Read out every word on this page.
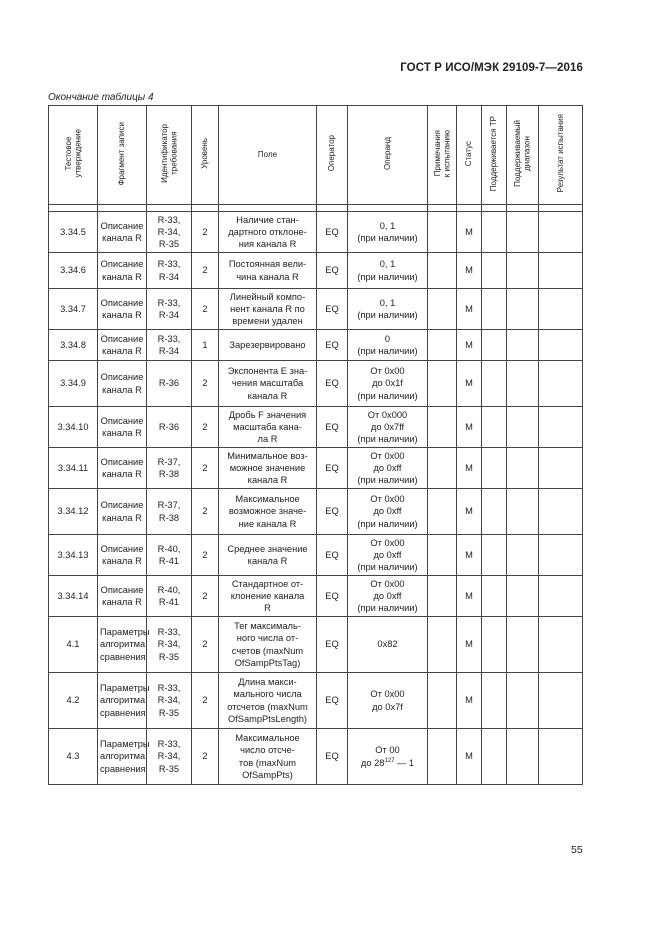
ГОСТ Р ИСО/МЭК 29109-7—2016
Окончание таблицы 4
Тестовое
утверждение	Фрагмент записи	Идентификатор
требования	Уровень	Поле	Оператор	Операнд	Примечания
к испытанию	Статус	Поддерживается ТР	Поддерживаемый
диапазон	Результат испытания

3.34.5	Описание
канала R	R-33,
R-34,
R-35	2	Наличие стан-
дартного отклоне-
ния канала R	EQ	0, 1
(при наличии)		M			

3.34.6	Описание
канала R	R-33,
R-34	2	Постоянная вели-
чина канала R	EQ	0, 1
(при наличии)		M			

3.34.7	Описание
канала R	R-33,
R-34	2	Линейный компо-
нент канала R по
времени удален	EQ	0, 1
(при наличии)		M			

3.34.8	Описание
канала R	R-33,
R-34	1	Зарезервировано	EQ	0
(при наличии)		M			

3.34.9	Описание
канала R	R-36	2	Экспонента E зна-
чения масштаба
канала R	EQ	От 0x00
до 0x1f
(при наличии)		M			

3.34.10	Описание
канала R	R-36	2	Дробь F значения
масштаба кана-
ла R	EQ	От 0x000
до 0x7ff
(при наличии)		M			

3.34.11	Описание
канала R	R-37,
R-38	2	Минимальное воз-
можное значение
канала R	EQ	От 0x00
до 0xff
(при наличии)		M			

3.34.12	Описание
канала R	R-37,
R-38	2	Максимальное
возможное значе-
ние канала R	EQ	От 0x00
до 0xff
(при наличии)		M			

3.34.13	Описание
канала R	R-40,
R-41	2	Среднее значение
канала R	EQ	От 0x00
до 0xff
(при наличии)		M			

3.34.14	Описание
канала R	R-40,
R-41	2	Стандартное от-
клонение канала
R	EQ	От 0x00
до 0xff
(при наличии)		M			

4.1	Параметры
алгоритма
сравнения	R-33,
R-34,
R-35	2	Тег максималь-
ного числа от-
счетов (maxNum
OfSampPtsTag)	EQ	0x82		M			

4.2	Параметры
алгоритма
сравнения	R-33,
R-34,
R-35	2	Длина макси-
мального числа
отсчетов (maxNum
OfSampPtsLength)	EQ	От 0x00
до 0x7f		M			

4.3	Параметры
алгоритма
сравнения	R-33,
R-34,
R-35	2	Максимальное
число отсче-
тов (maxNum
OfSampPts)	EQ	От 00
до $28^{127}$ — 1		M			

55
